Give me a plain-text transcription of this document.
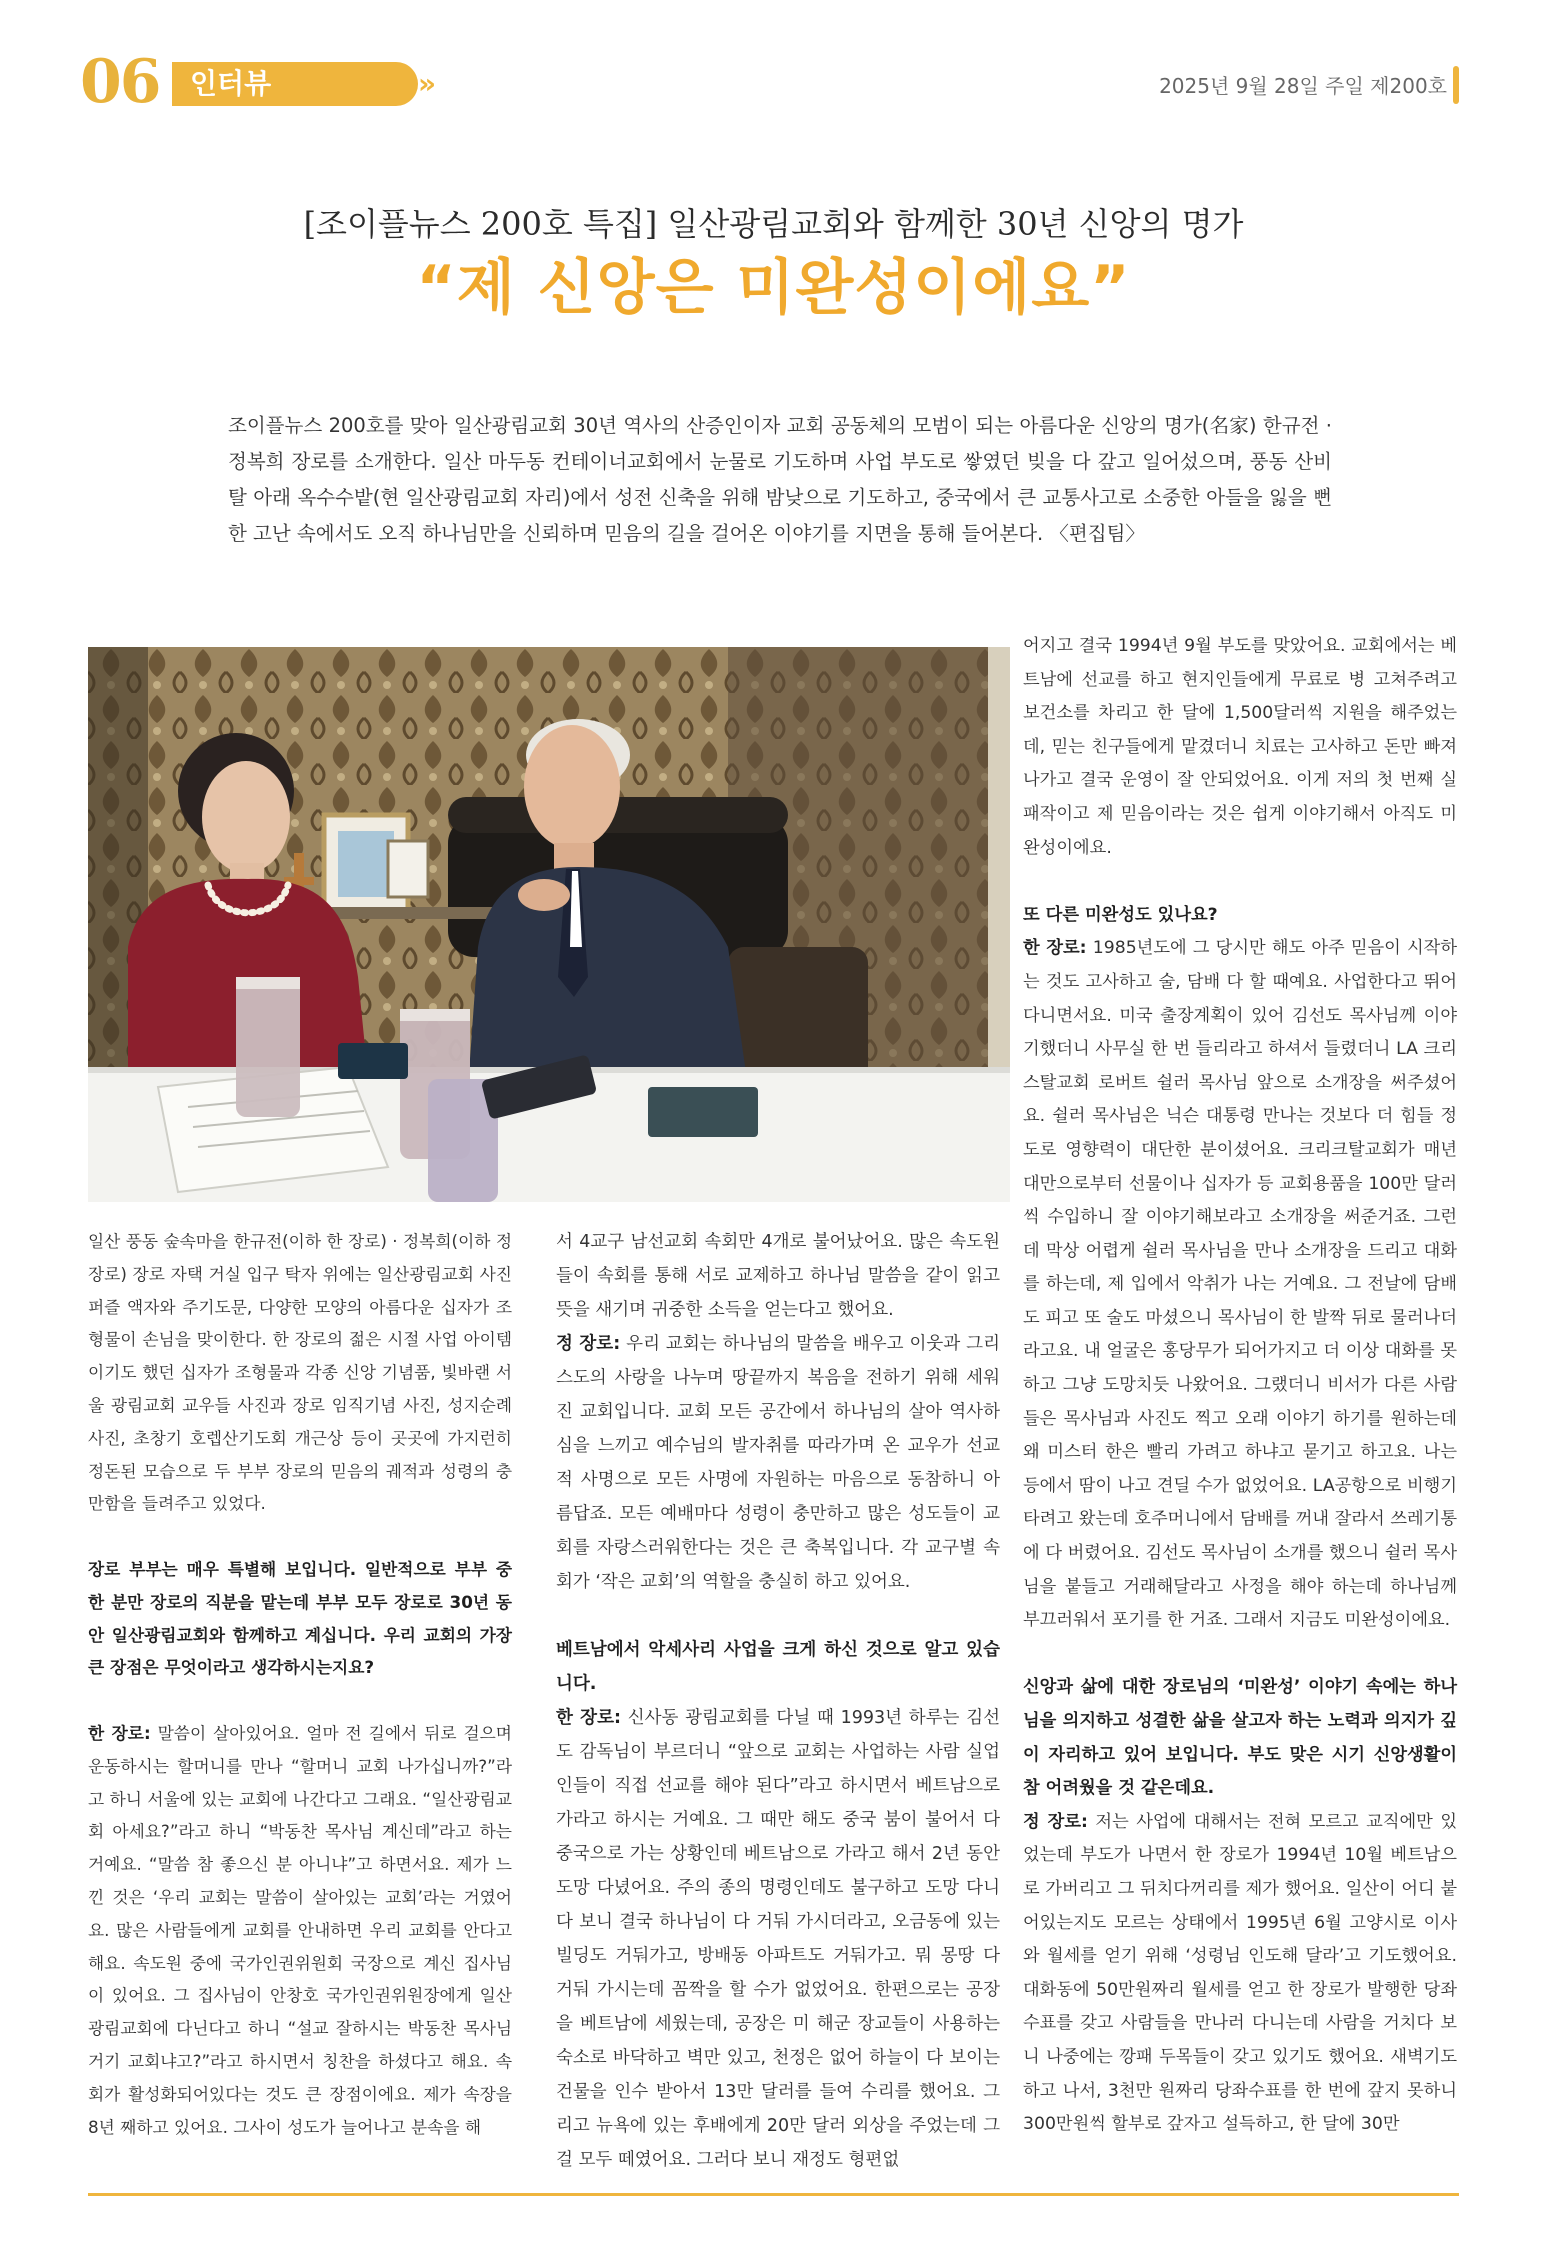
06 인터뷰	»	2025년 9월 28일 주일 제200호
[조이플뉴스 200호 특집] 일산광림교회와 함께한 30년 신앙의 명가
“제 신앙은 미완성이에요”

조이플뉴스 200호를 맞아 일산광림교회 30년 역사의 산증인이자 교회 공동체의 모범이 되는 아름다운 신앙의 명가(名家) 한규전 · 정복희 장로를 소개한다. 일산 마두동 컨테이너교회에서 눈물로 기도하며 사업 부도로 쌓였던 빚을 다 갚고 일어섰으며, 풍동 산비탈 아래 옥수수밭(현 일산광림교회 자리)에서 성전 신축을 위해 밤낮으로 기도하고, 중국에서 큰 교통사고로 소중한 아들을 잃을 뻔한 고난 속에서도 오직 하나님만을 신뢰하며 믿음의 길을 걸어온 이야기를 지면을 통해 들어본다. 〈편집팀〉

일산 풍동 숲속마을 한규전(이하 한 장로) · 정복희(이하 정 장로) 장로 자택 거실 입구 탁자 위에는 일산광림교회 사진 퍼즐 액자와 주기도문, 다양한 모양의 아름다운 십자가 조형물이 손님을 맞이한다. 한 장로의 젊은 시절 사업 아이템이기도 했던 십자가 조형물과 각종 신앙 기념품, 빛바랜 서울 광림교회 교우들 사진과 장로 임직기념 사진, 성지순례 사진, 초창기 호렙산기도회 개근상 등이 곳곳에 가지런히 정돈된 모습으로 두 부부 장로의 믿음의 궤적과 성령의 충만함을 들려주고 있었다.

장로 부부는 매우 특별해 보입니다. 일반적으로 부부 중 한 분만 장로의 직분을 맡는데 부부 모두 장로로 30년 동안 일산광림교회와 함께하고 계십니다. 우리 교회의 가장 큰 장점은 무엇이라고 생각하시는지요?

한 장로: 말씀이 살아있어요. 얼마 전 길에서 뒤로 걸으며 운동하시는 할머니를 만나 “할머니 교회 나가십니까?”라고 하니 서울에 있는 교회에 나간다고 그래요. “일산광림교회 아세요?”라고 하니 “박동찬 목사님 계신데”라고 하는 거예요. “말씀 참 좋으신 분 아니냐”고 하면서요. 제가 느낀 것은 ‘우리 교회는 말씀이 살아있는 교회’라는 거였어요. 많은 사람들에게 교회를 안내하면 우리 교회를 안다고 해요. 속도원 중에 국가인권위원회 국장으로 계신 집사님이 있어요. 그 집사님이 안창호 국가인권위원장에게 일산광림교회에 다닌다고 하니 “설교 잘하시는 박동찬 목사님 거기 교회냐고?”라고 하시면서 칭찬을 하셨다고 해요. 속회가 활성화되어있다는 것도 큰 장점이에요. 제가 속장을 8년 째하고 있어요. 그사이 성도가 늘어나고 분속을 해

서 4교구 남선교회 속회만 4개로 불어났어요. 많은 속도원들이 속회를 통해 서로 교제하고 하나님 말씀을 같이 읽고 뜻을 새기며 귀중한 소득을 얻는다고 했어요.

정 장로: 우리 교회는 하나님의 말씀을 배우고 이웃과 그리스도의 사랑을 나누며 땅끝까지 복음을 전하기 위해 세워진 교회입니다. 교회 모든 공간에서 하나님의 살아 역사하심을 느끼고 예수님의 발자취를 따라가며 온 교우가 선교적 사명으로 모든 사명에 자원하는 마음으로 동참하니 아름답죠. 모든 예배마다 성령이 충만하고 많은 성도들이 교회를 자랑스러워한다는 것은 큰 축복입니다. 각 교구별 속회가 ‘작은 교회’의 역할을 충실히 하고 있어요.

베트남에서 악세사리 사업을 크게 하신 것으로 알고 있습니다.

한 장로: 신사동 광림교회를 다닐 때 1993년 하루는 김선도 감독님이 부르더니 “앞으로 교회는 사업하는 사람 실업인들이 직접 선교를 해야 된다”라고 하시면서 베트남으로 가라고 하시는 거예요. 그 때만 해도 중국 붐이 불어서 다 중국으로 가는 상황인데 베트남으로 가라고 해서 2년 동안 도망 다녔어요. 주의 종의 명령인데도 불구하고 도망 다니다 보니 결국 하나님이 다 거둬 가시더라고, 오금동에 있는 빌딩도 거둬가고, 방배동 아파트도 거둬가고. 뭐 몽땅 다 거둬 가시는데 꼼짝을 할 수가 없었어요. 한편으로는 공장을 베트남에 세웠는데, 공장은 미 해군 장교들이 사용하는 숙소로 바닥하고 벽만 있고, 천정은 없어 하늘이 다 보이는 건물을 인수 받아서 13만 달러를 들여 수리를 했어요. 그리고 뉴욕에 있는 후배에게 20만 달러 외상을 주었는데 그걸 모두 떼였어요. 그러다 보니 재정도 형편없

어지고 결국 1994년 9월 부도를 맞았어요. 교회에서는 베트남에 선교를 하고 현지인들에게 무료로 병 고쳐주려고 보건소를 차리고 한 달에 1,500달러씩 지원을 해주었는데, 믿는 친구들에게 맡겼더니 치료는 고사하고 돈만 빠져나가고 결국 운영이 잘 안되었어요. 이게 저의 첫 번째 실패작이고 제 믿음이라는 것은 쉽게 이야기해서 아직도 미완성이에요.

또 다른 미완성도 있나요?

한 장로: 1985년도에 그 당시만 해도 아주 믿음이 시작하는 것도 고사하고 술, 담배 다 할 때예요. 사업한다고 뛰어다니면서요. 미국 출장계획이 있어 김선도 목사님께 이야기했더니 사무실 한 번 들리라고 하셔서 들렸더니 LA 크리스탈교회 로버트 쉴러 목사님 앞으로 소개장을 써주셨어요. 쉴러 목사님은 닉슨 대통령 만나는 것보다 더 힘들 정도로 영향력이 대단한 분이셨어요. 크리크탈교회가 매년 대만으로부터 선물이나 십자가 등 교회용품을 100만 달러씩 수입하니 잘 이야기해보라고 소개장을 써준거죠. 그런데 막상 어렵게 쉴러 목사님을 만나 소개장을 드리고 대화를 하는데, 제 입에서 악취가 나는 거예요. 그 전날에 담배도 피고 또 술도 마셨으니 목사님이 한 발짝 뒤로 물러나더라고요. 내 얼굴은 홍당무가 되어가지고 더 이상 대화를 못하고 그냥 도망치듯 나왔어요. 그랬더니 비서가 다른 사람들은 목사님과 사진도 찍고 오래 이야기 하기를 원하는데 왜 미스터 한은 빨리 가려고 하냐고 묻기고 하고요. 나는 등에서 땀이 나고 견딜 수가 없었어요. LA공항으로 비행기 타려고 왔는데 호주머니에서 담배를 꺼내 잘라서 쓰레기통에 다 버렸어요. 김선도 목사님이 소개를 했으니 쉴러 목사님을 붙들고 거래해달라고 사정을 해야 하는데 하나님께 부끄러워서 포기를 한 거죠. 그래서 지금도 미완성이에요.

신앙과 삶에 대한 장로님의 ‘미완성’ 이야기 속에는 하나님을 의지하고 성결한 삶을 살고자 하는 노력과 의지가 깊이 자리하고 있어 보입니다. 부도 맞은 시기 신앙생활이 참 어려웠을 것 같은데요.

정 장로: 저는 사업에 대해서는 전혀 모르고 교직에만 있었는데 부도가 나면서 한 장로가 1994년 10월 베트남으로 가버리고 그 뒤치다꺼리를 제가 했어요. 일산이 어디 붙어있는지도 모르는 상태에서 1995년 6월 고양시로 이사와 월세를 얻기 위해 ‘성령님 인도해 달라’고 기도했어요. 대화동에 50만원짜리 월세를 얻고 한 장로가 발행한 당좌수표를 갖고 사람들을 만나러 다니는데 사람을 거치다 보니 나중에는 깡패 두목들이 갖고 있기도 했어요. 새벽기도하고 나서, 3천만 원짜리 당좌수표를 한 번에 갚지 못하니 300만원씩 할부로 갚자고 설득하고, 한 달에 30만
